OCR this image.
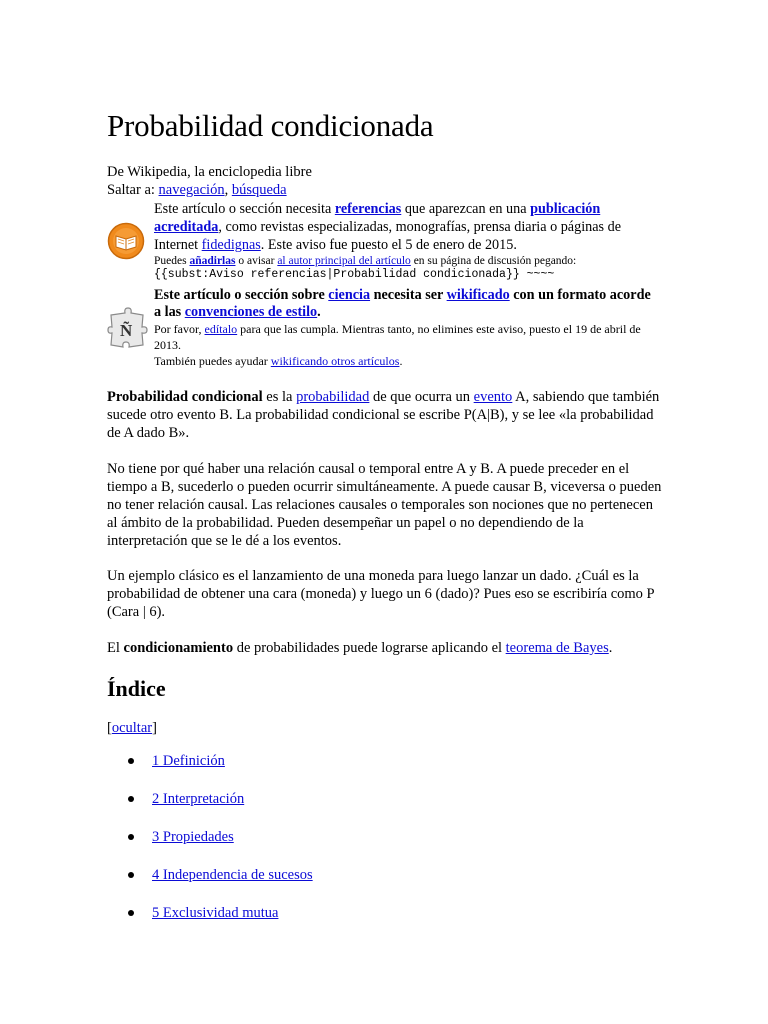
Probabilidad condicionada
De Wikipedia, la enciclopedia libre
Saltar a: navegación, búsqueda
Este artículo o sección necesita referencias que aparezcan en una publicación acreditada, como revistas especializadas, monografías, prensa diaria o páginas de Internet fidedignas. Este aviso fue puesto el 5 de enero de 2015.
Puedes añadirlas o avisar al autor principal del artículo en su página de discusión pegando:
{{subst:Aviso referencias|Probabilidad condicionada}} ~~~~
Ñ
Este artículo o sección sobre ciencia necesita ser wikificado con un formato acorde a las convenciones de estilo.
Por favor, edítalo para que las cumpla. Mientras tanto, no elimines este aviso, puesto el 19 de abril de 2013.
También puedes ayudar wikificando otros artículos.

Probabilidad condicional es la probabilidad de que ocurra un evento A, sabiendo que también sucede otro evento B. La probabilidad condicional se escribe P(A|B), y se lee «la probabilidad de A dado B».

No tiene por qué haber una relación causal o temporal entre A y B. A puede preceder en el tiempo a B, sucederlo o pueden ocurrir simultáneamente. A puede causar B, viceversa o pueden no tener relación causal. Las relaciones causales o temporales son nociones que no pertenecen al ámbito de la probabilidad. Pueden desempeñar un papel o no dependiendo de la interpretación que se le dé a los eventos.

Un ejemplo clásico es el lanzamiento de una moneda para luego lanzar un dado. ¿Cuál es la probabilidad de obtener una cara (moneda) y luego un 6 (dado)? Pues eso se escribiría como P (Cara | 6).

El condicionamiento de probabilidades puede lograrse aplicando el teorema de Bayes.

Índice
[ocultar]
1 Definición
2 Interpretación
3 Propiedades
4 Independencia de sucesos
5 Exclusividad mutua
